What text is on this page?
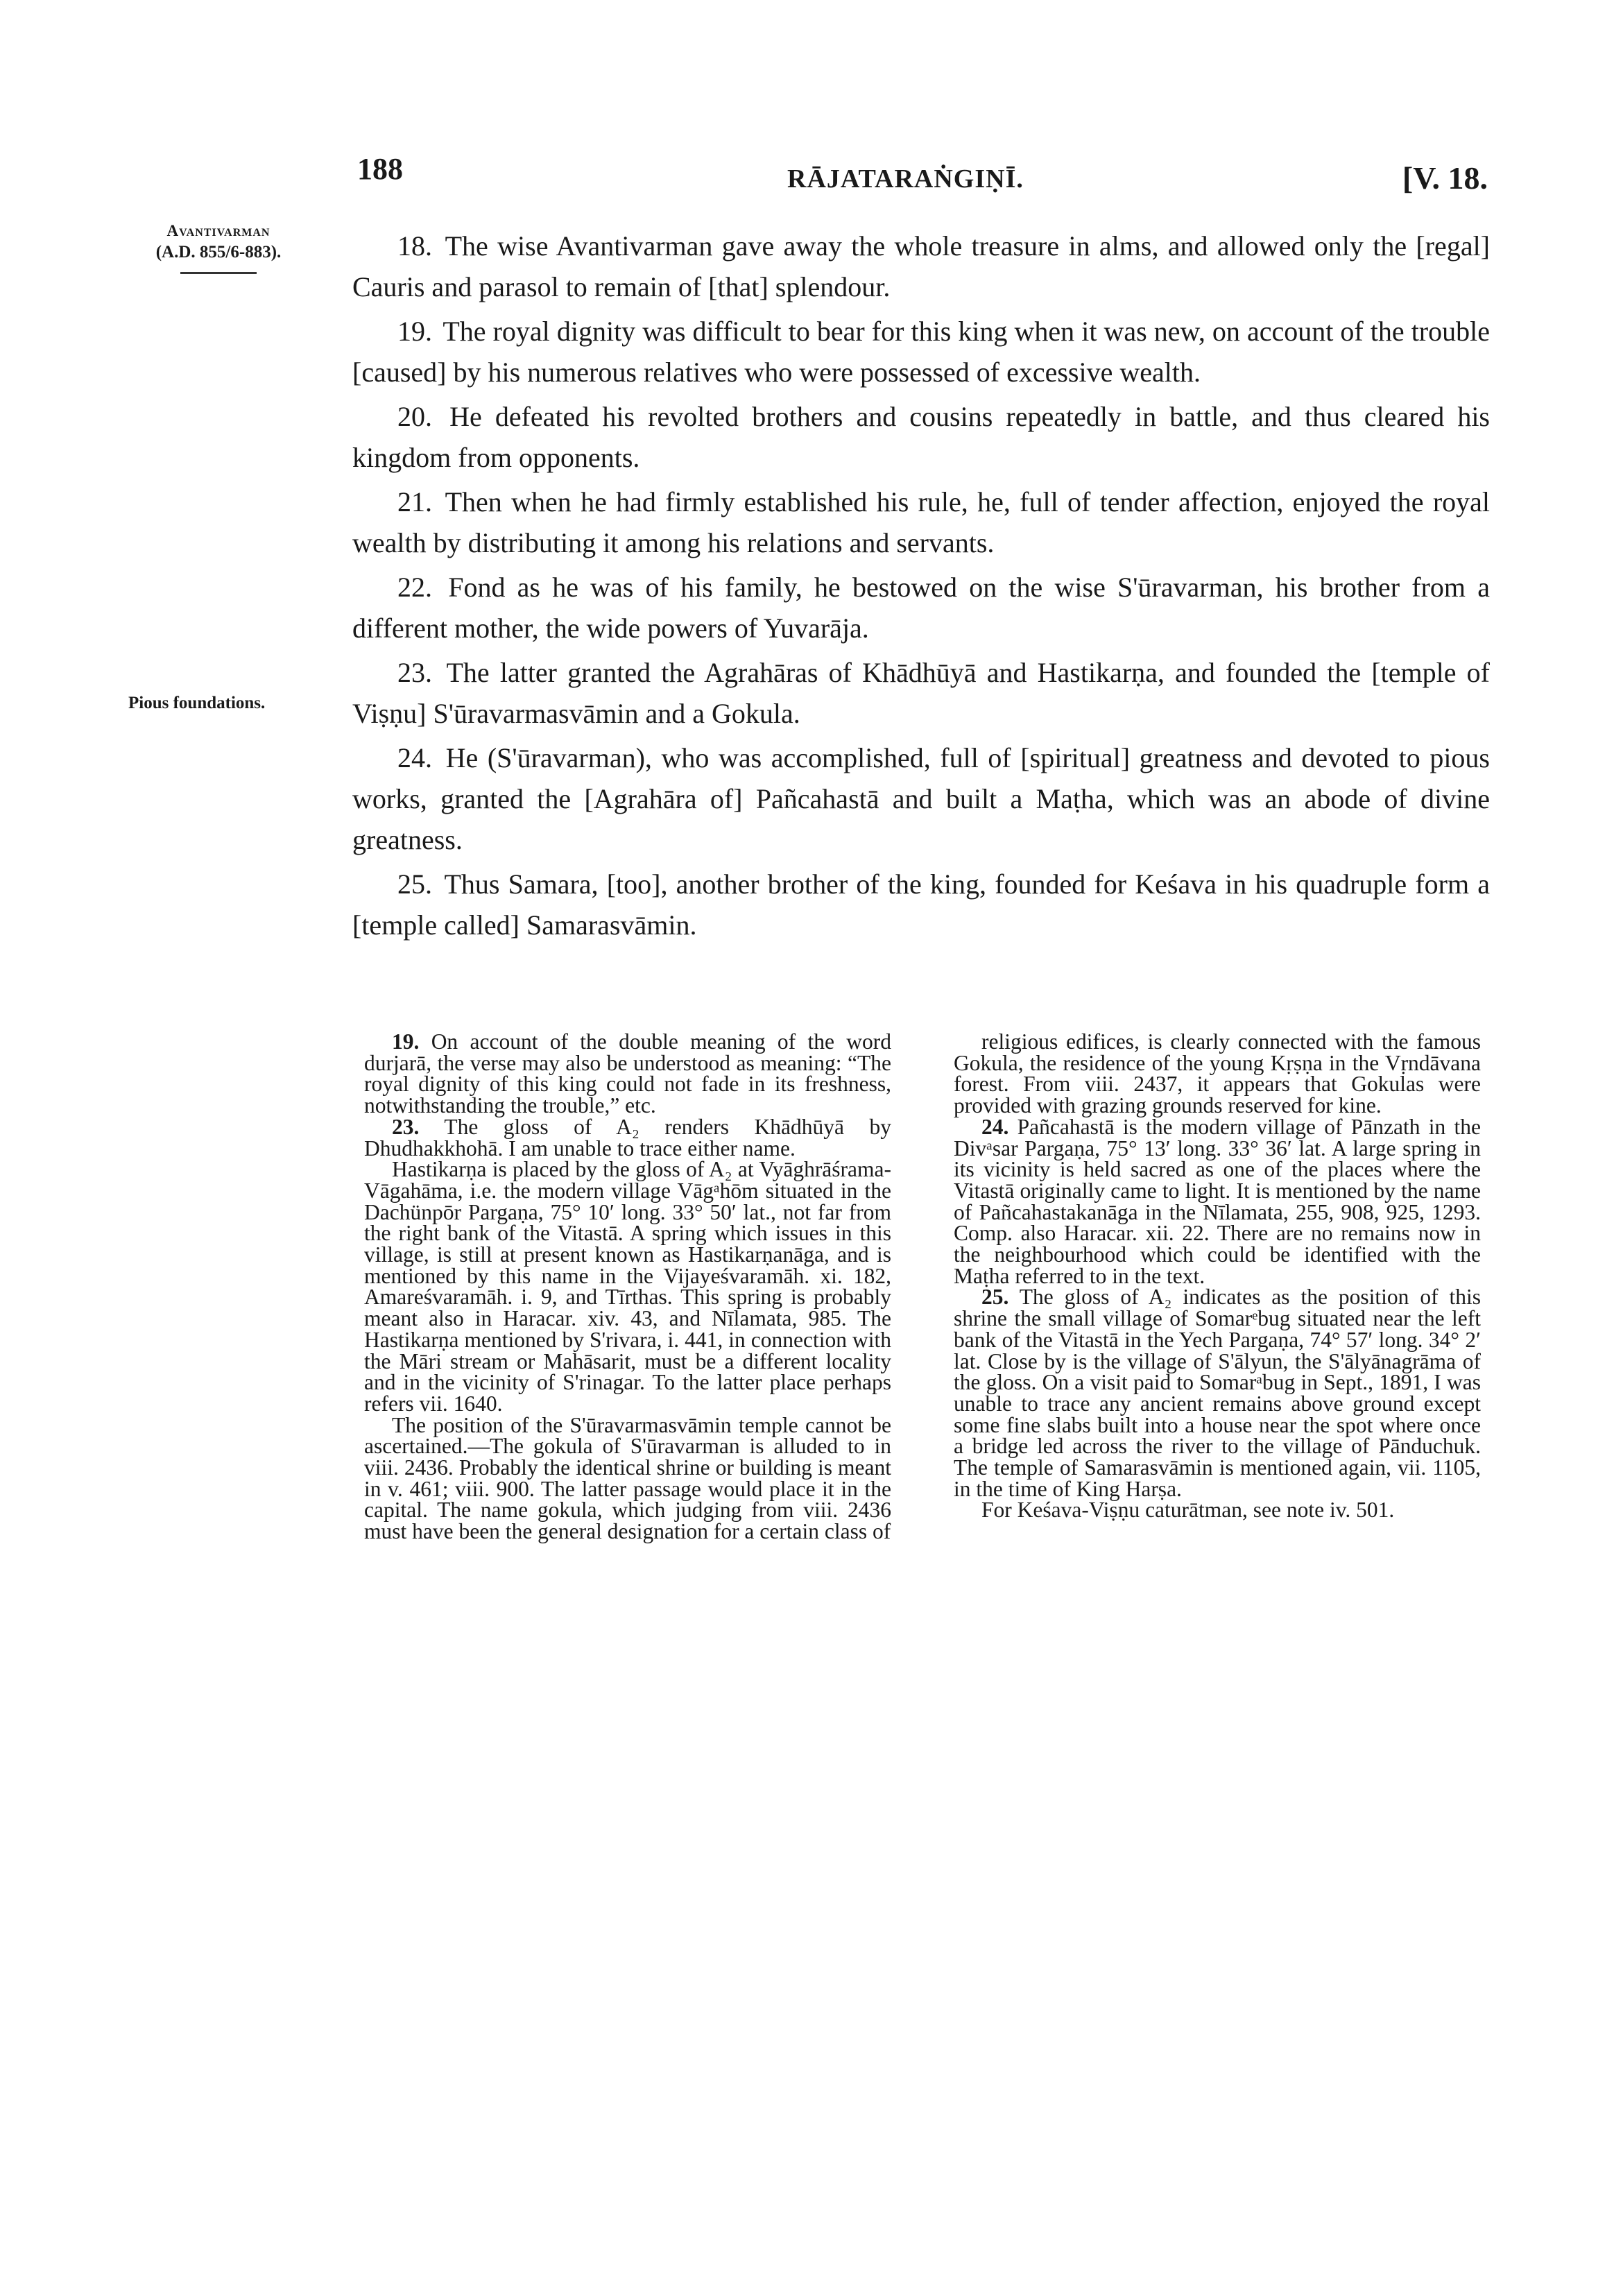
188	RĀJATARAṄGIṆĪ.	[V. 18.
Avantivarman
(A.D. 855/6-883).
Pious foundations.

18. The wise Avantivarman gave away the whole treasure in alms, and allowed only the [regal] Cauris and parasol to remain of [that] splendour.

19. The royal dignity was difficult to bear for this king when it was new, on account of the trouble [caused] by his numerous relatives who were possessed of excessive wealth.

20. He defeated his revolted brothers and cousins repeatedly in battle, and thus cleared his kingdom from opponents.

21. Then when he had firmly established his rule, he, full of tender affection, enjoyed the royal wealth by distributing it among his relations and servants.

22. Fond as he was of his family, he bestowed on the wise S'ūravarman, his brother from a different mother, the wide powers of Yuvarāja.

23. The latter granted the Agrahāras of Khādhūyā and Hastikarṇa, and founded the [temple of Viṣṇu] S'ūravarmasvāmin and a Gokula.

24. He (S'ūravarman), who was accomplished, full of [spiritual] greatness and devoted to pious works, granted the [Agrahāra of] Pañcahastā and built a Maṭha, which was an abode of divine greatness.

25. Thus Samara, [too], another brother of the king, founded for Keśava in his quadruple form a [temple called] Samarasvāmin.

19. On account of the double meaning of the word durjarā, the verse may also be understood as meaning: “The royal dignity of this king could not fade in its freshness, notwithstanding the trouble,” etc.

23. The gloss of A₂ renders Khādhūyā by Dhudhakkhohā. I am unable to trace either name.

Hastikarṇa is placed by the gloss of A₂ at Vyāghrāśrama-Vāgahāma, i.e. the modern village Vāgᵃhōm situated in the Dachünpōr Pargaṇa, 75° 10′ long. 33° 50′ lat., not far from the right bank of the Vitastā. A spring which issues in this village, is still at present known as Hastikarṇanāga, and is mentioned by this name in the Vijayeśvaramāh. xi. 182, Amareśvaramāh. i. 9, and Tīrthas. This spring is probably meant also in Haracar. xiv. 43, and Nīlamata, 985. The Hastikarṇa mentioned by S'rivara, i. 441, in connection with the Māri stream or Mahāsarit, must be a different locality and in the vicinity of S'rinagar. To the latter place perhaps refers vii. 1640.

The position of the S'ūravarmasvāmin temple cannot be ascertained.—The gokula of S'ūravarman is alluded to in viii. 2436. Probably the identical shrine or building is meant in v. 461; viii. 900. The latter passage would place it in the capital. The name gokula, which judging from viii. 2436 must have been the general designation for a certain class of

religious edifices, is clearly connected with the famous Gokula, the residence of the young Kṛṣṇa in the Vṛndāvana forest. From viii. 2437, it appears that Gokulas were provided with grazing grounds reserved for kine.

24. Pañcahastā is the modern village of Pānzath in the Divᵃsar Pargaṇa, 75° 13′ long. 33° 36′ lat. A large spring in its vicinity is held sacred as one of the places where the Vitastā originally came to light. It is mentioned by the name of Pañcahastakanāga in the Nīlamata, 255, 908, 925, 1293. Comp. also Haracar. xii. 22. There are no remains now in the neighbourhood which could be identified with the Maṭha referred to in the text.

25. The gloss of A₂ indicates as the position of this shrine the small village of Somarᵉbug situated near the left bank of the Vitastā in the Yech Pargaṇa, 74° 57′ long. 34° 2′ lat. Close by is the village of S'ālyun, the S'ālyānagrāma of the gloss. On a visit paid to Somarᵃbug in Sept., 1891, I was unable to trace any ancient remains above ground except some fine slabs built into a house near the spot where once a bridge led across the river to the village of Pānduchuk. The temple of Samarasvāmin is mentioned again, vii. 1105, in the time of King Harṣa.

For Keśava-Viṣṇu caturātman, see note iv. 501.
